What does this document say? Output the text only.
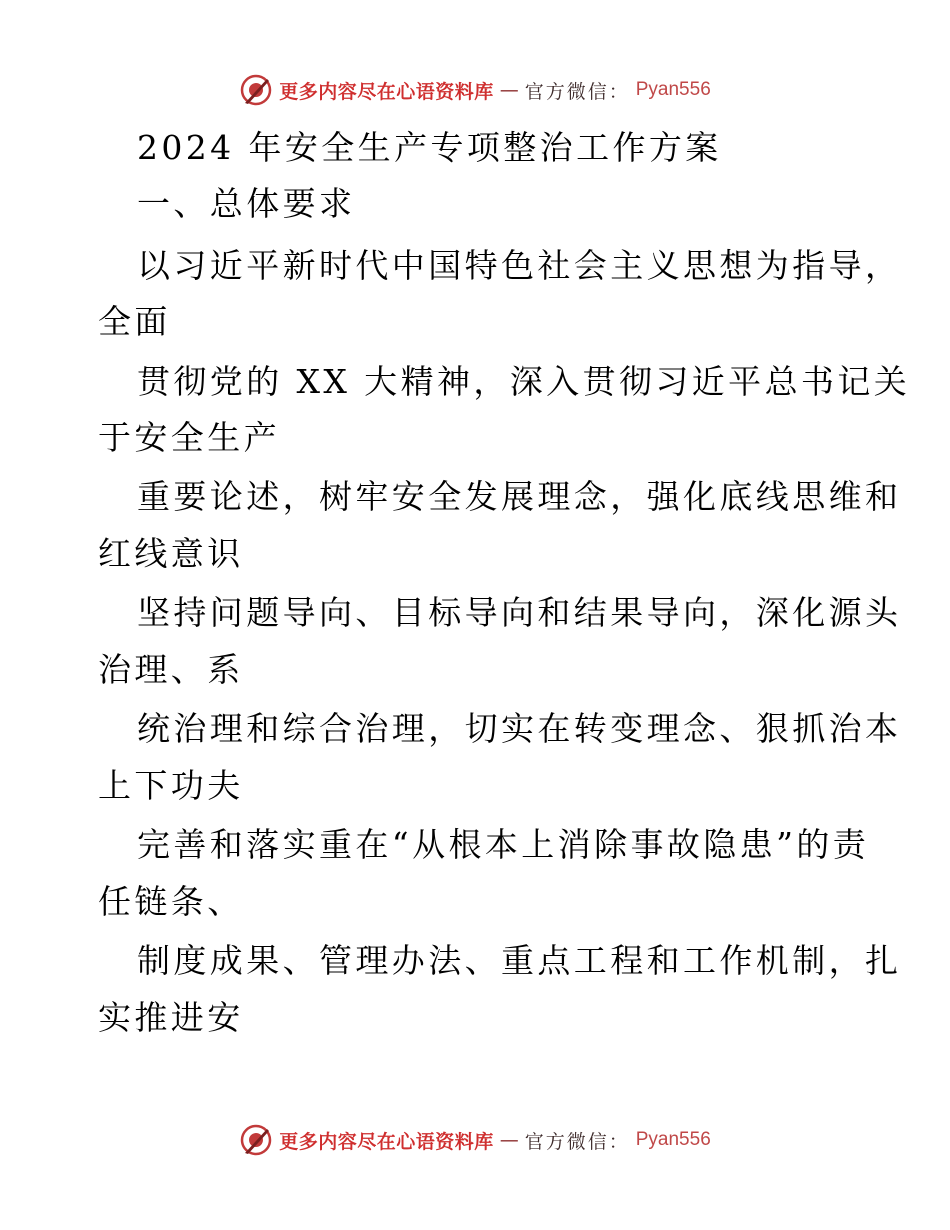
更多内容尽在心语资料库 — 官方微信： Pyan556
2024 年安全生产专项整治工作方案
一、总体要求
以习近平新时代中国特色社会主义思想为指导，
全面
贯彻党的 XX 大精神，深入贯彻习近平总书记关
于安全生产
重要论述，树牢安全发展理念，强化底线思维和
红线意识
坚持问题导向、目标导向和结果导向，深化源头
治理、系
统治理和综合治理，切实在转变理念、狠抓治本
上下功夫
完善和落实重在“从根本上消除事故隐患”的责
任链条、
制度成果、管理办法、重点工程和工作机制，扎
实推进安
更多内容尽在心语资料库 — 官方微信： Pyan556
